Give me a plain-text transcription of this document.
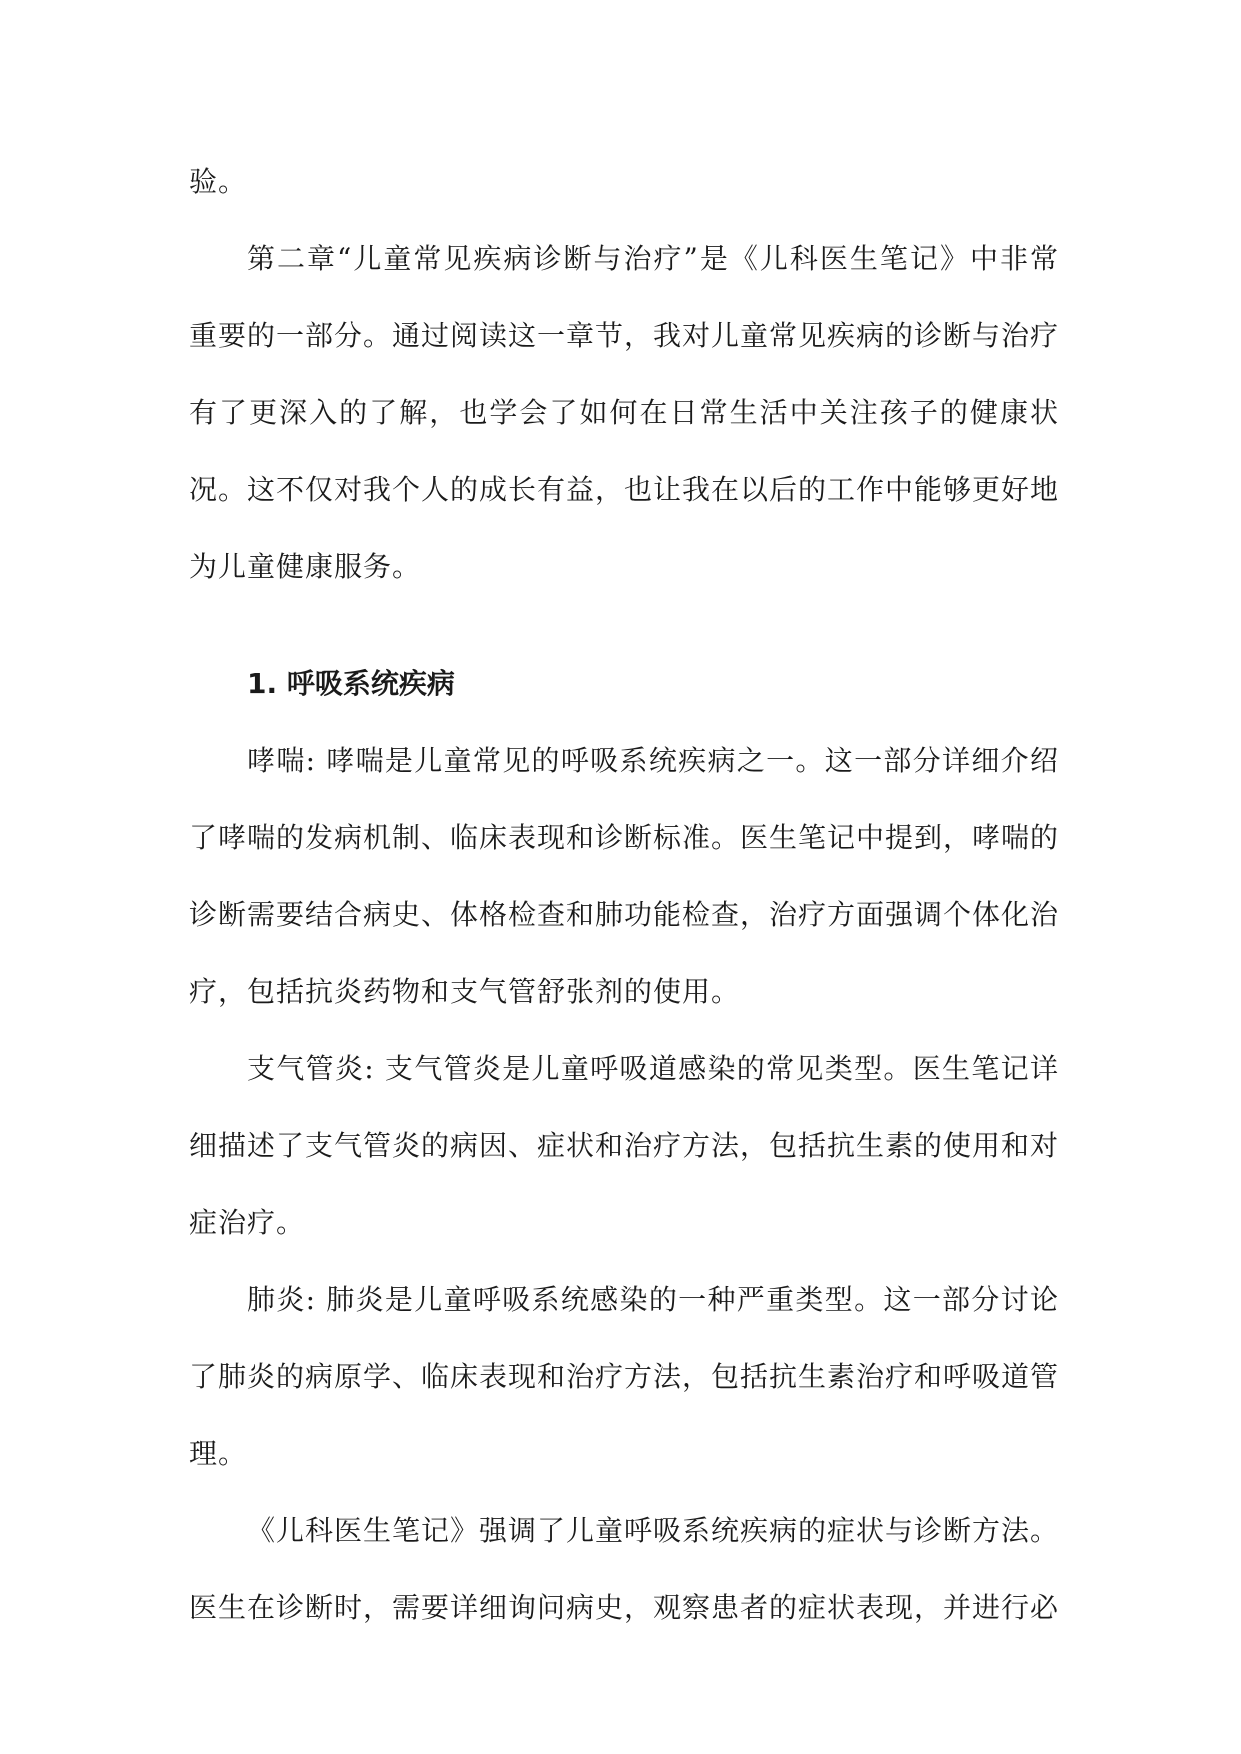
验。

第二章“儿童常见疾病诊断与治疗”是《儿科医生笔记》中非常重要的一部分。通过阅读这一章节，我对儿童常见疾病的诊断与治疗有了更深入的了解，也学会了如何在日常生活中关注孩子的健康状况。这不仅对我个人的成长有益，也让我在以后的工作中能够更好地为儿童健康服务。

1. 呼吸系统疾病

哮喘: 哮喘是儿童常见的呼吸系统疾病之一。这一部分详细介绍了哮喘的发病机制、临床表现和诊断标准。医生笔记中提到，哮喘的诊断需要结合病史、体格检查和肺功能检查，治疗方面强调个体化治疗，包括抗炎药物和支气管舒张剂的使用。

支气管炎: 支气管炎是儿童呼吸道感染的常见类型。医生笔记详细描述了支气管炎的病因、症状和治疗方法，包括抗生素的使用和对症治疗。

肺炎: 肺炎是儿童呼吸系统感染的一种严重类型。这一部分讨论了肺炎的病原学、临床表现和治疗方法，包括抗生素治疗和呼吸道管理。

《儿科医生笔记》强调了儿童呼吸系统疾病的症状与诊断方法。医生在诊断时，需要详细询问病史，观察患者的症状表现，并进行必
